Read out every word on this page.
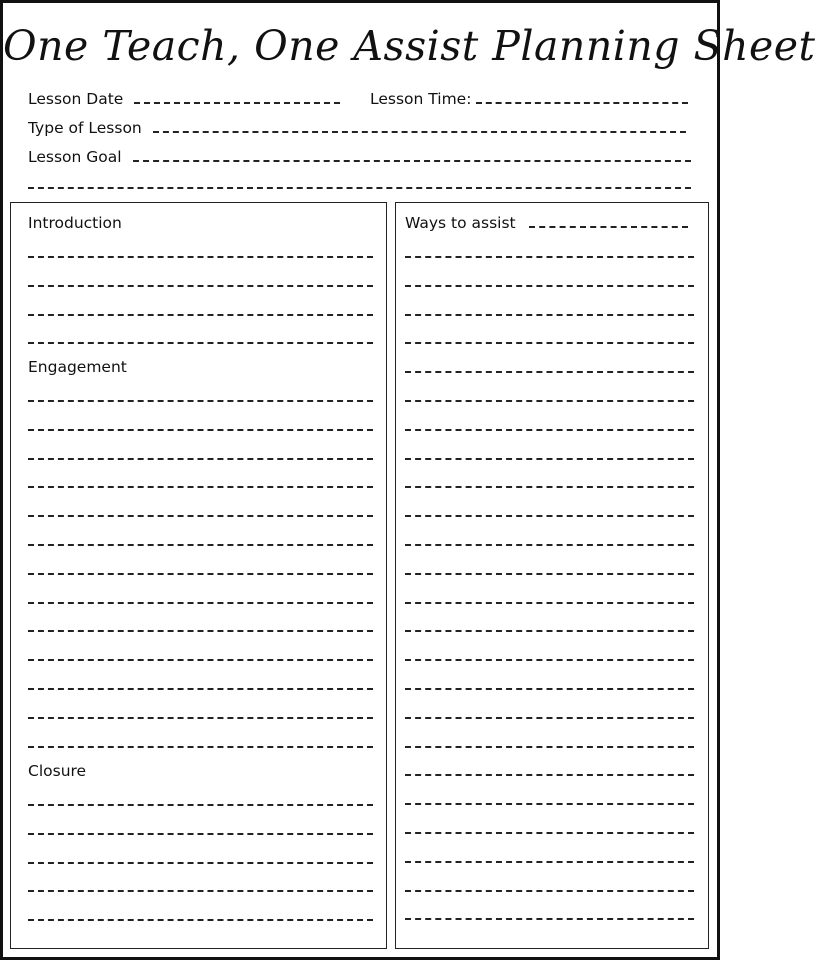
One Teach, One Assist Planning Sheet
Lesson Date	Lesson Time:
Type of Lesson
Lesson Goal
Introduction
Engagement
Closure
Ways to assist
